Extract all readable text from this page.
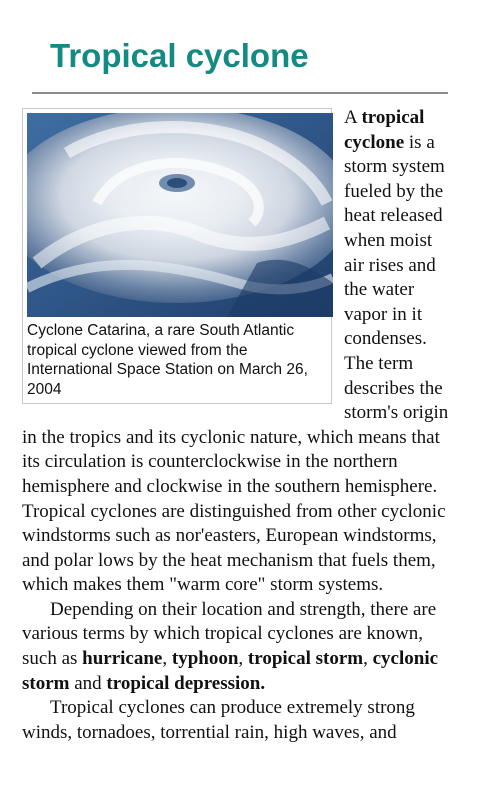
Tropical cyclone
Cyclone Catarina, a rare South Atlantic tropical cyclone viewed from the International Space Station on March 26, 2004

A tropical cyclone is a storm system fueled by the heat released when moist air rises and the water vapor in it condenses. The term describes the storm's origin in the tropics and its cyclonic nature, which means that its circulation is counterclockwise in the northern hemisphere and clockwise in the southern hemisphere. Tropical cyclones are distinguished from other cyclonic windstorms such as nor'easters, European windstorms, and polar lows by the heat mechanism that fuels them, which makes them "warm core" storm systems.

Depending on their location and strength, there are various terms by which tropical cyclones are known, such as hurricane, typhoon, tropical storm, cyclonic storm and tropical depression.

Tropical cyclones can produce extremely strong winds, tornadoes, torrential rain, high waves, and
